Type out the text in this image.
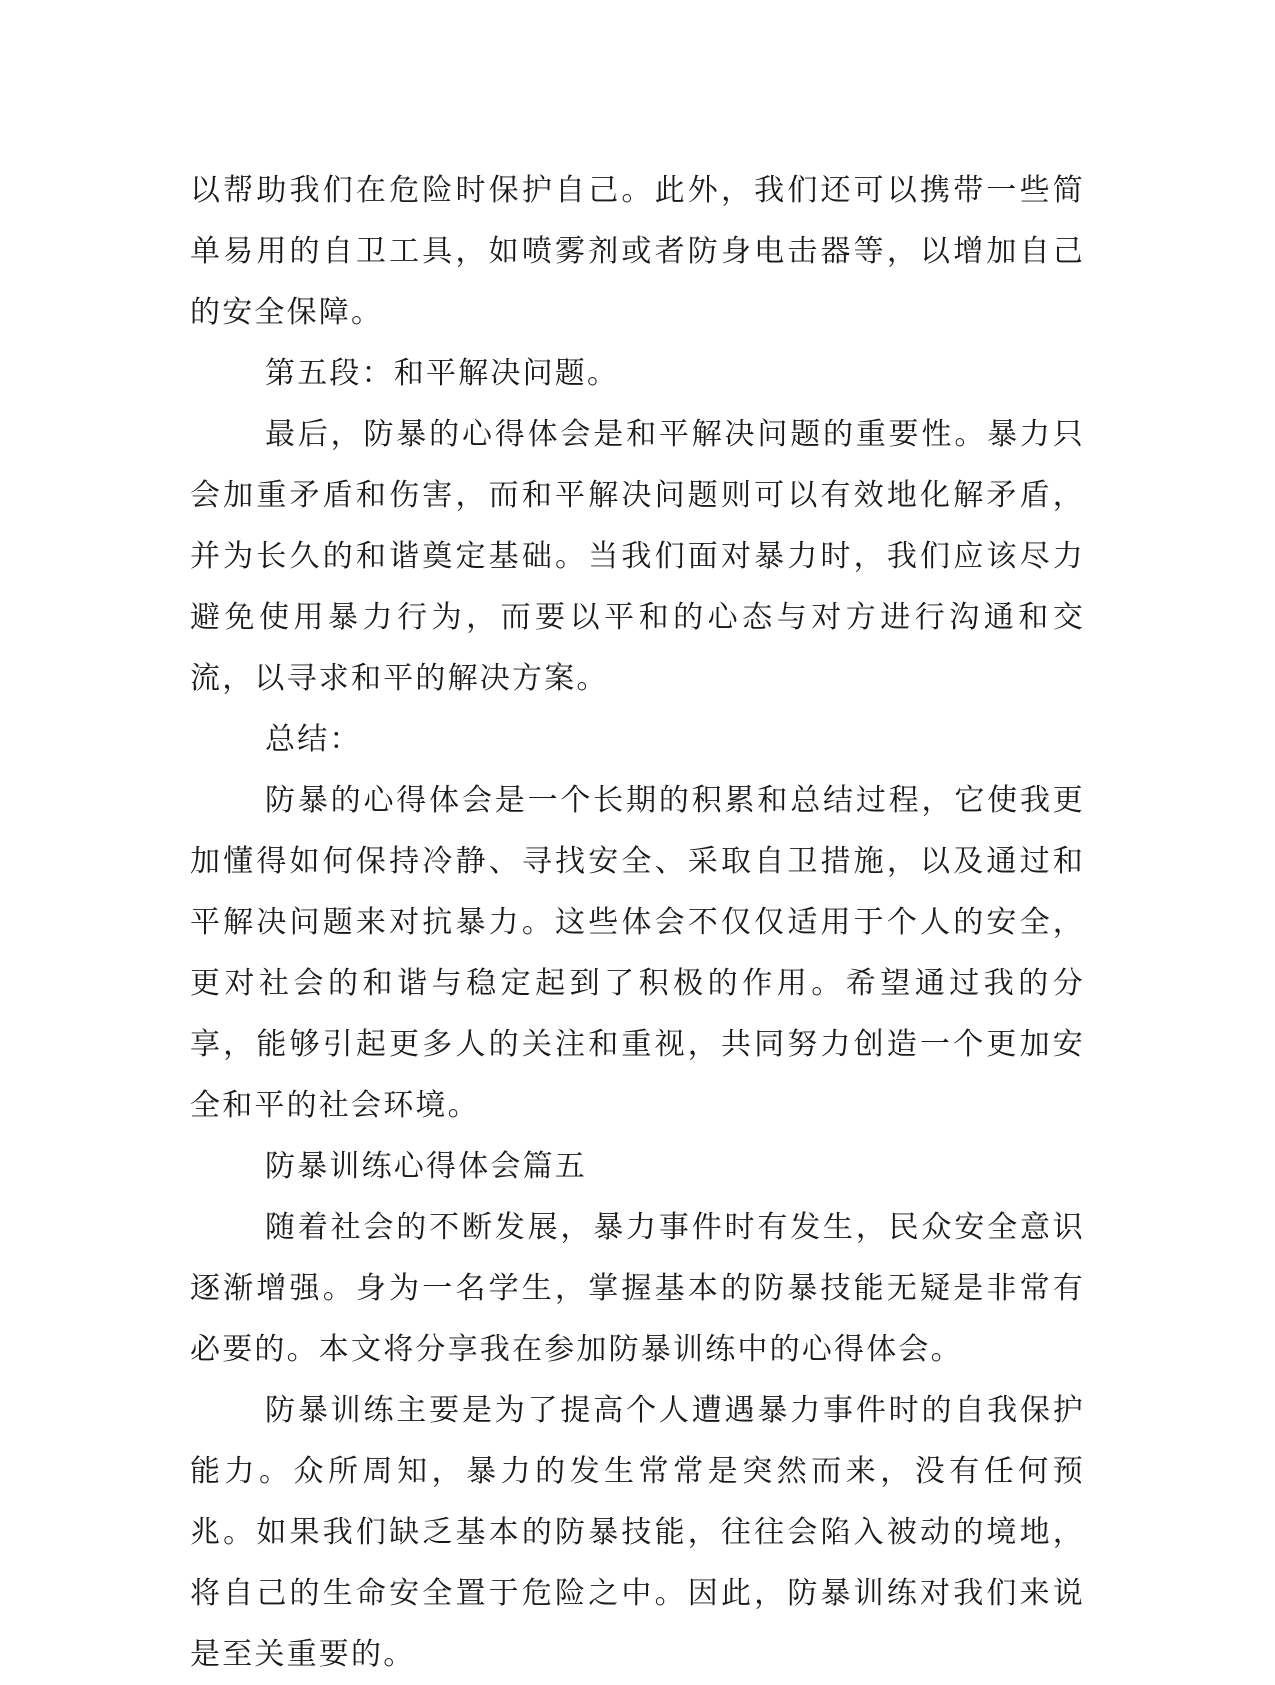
以帮助我们在危险时保护自己。此外，我们还可以携带一些简单易用的自卫工具，如喷雾剂或者防身电击器等，以增加自己的安全保障。

第五段：和平解决问题。

最后，防暴的心得体会是和平解决问题的重要性。暴力只会加重矛盾和伤害，而和平解决问题则可以有效地化解矛盾，并为长久的和谐奠定基础。当我们面对暴力时，我们应该尽力避免使用暴力行为，而要以平和的心态与对方进行沟通和交流，以寻求和平的解决方案。

总结：

防暴的心得体会是一个长期的积累和总结过程，它使我更加懂得如何保持冷静、寻找安全、采取自卫措施，以及通过和平解决问题来对抗暴力。这些体会不仅仅适用于个人的安全，更对社会的和谐与稳定起到了积极的作用。希望通过我的分享，能够引起更多人的关注和重视，共同努力创造一个更加安全和平的社会环境。

防暴训练心得体会篇五

随着社会的不断发展，暴力事件时有发生，民众安全意识逐渐增强。身为一名学生，掌握基本的防暴技能无疑是非常有必要的。本文将分享我在参加防暴训练中的心得体会。

防暴训练主要是为了提高个人遭遇暴力事件时的自我保护能力。众所周知，暴力的发生常常是突然而来，没有任何预兆。如果我们缺乏基本的防暴技能，往往会陷入被动的境地，将自己的生命安全置于危险之中。因此，防暴训练对我们来说是至关重要的。
